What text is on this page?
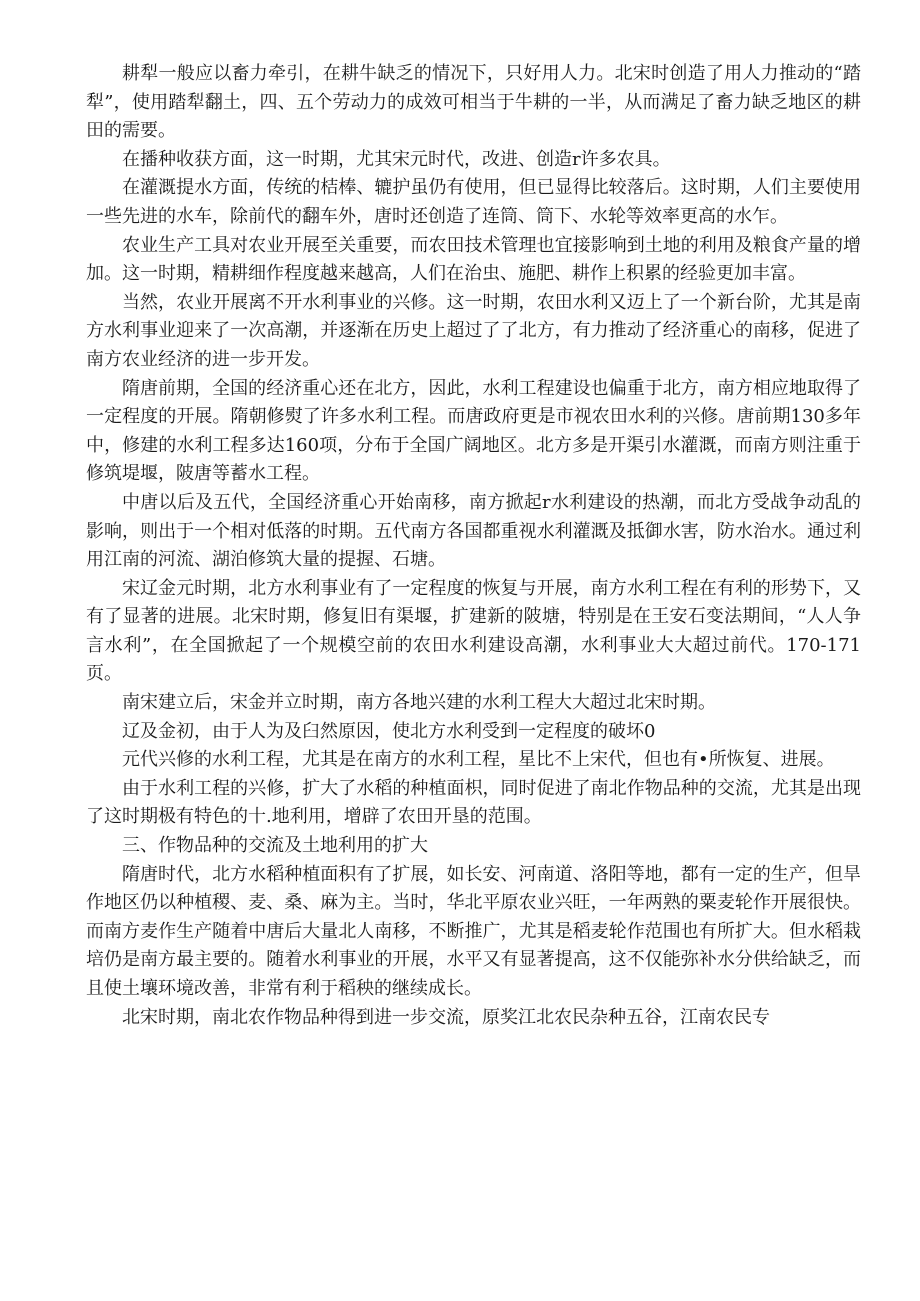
耕犁一般应以畜力牵引，在耕牛缺乏的情况下，只好用人力。北宋时创造了用人力推动的“踏犁”，使用踏犁翻土，四、五个劳动力的成效可相当于牛耕的一半，从而满足了畜力缺乏地区的耕田的需要。

在播种收获方面，这一时期，尤其宋元时代，改进、创造r许多农具。

在灌溉提水方面，传统的桔棒、辘护虽仍有使用，但已显得比较落后。这时期，人们主要使用一些先进的水车，除前代的翻车外，唐时还创造了连筒、筒下、水轮等效率更高的水乍。

农业生产工具对农业开展至关重要，而农田技术管理也宜接影响到土地的利用及粮食产量的增加。这一时期，精耕细作程度越来越高，人们在治虫、施肥、耕作上积累的经验更加丰富。

当然，农业开展离不开水利事业的兴修。这一时期，农田水利又迈上了一个新台阶，尤其是南方水利事业迎来了一次高潮，并逐渐在历史上超过了了北方，有力推动了经济重心的南移，促进了南方农业经济的进一步开发。

隋唐前期，全国的经济重心还在北方，因此，水利工程建设也偏重于北方，南方相应地取得了一定程度的开展。隋朝修熨了许多水利工程。而唐政府更是市视农田水利的兴修。唐前期130多年中，修建的水利工程多达160项，分布于全国广阔地区。北方多是开渠引水灌溉，而南方则注重于修筑堤堰，陂唐等蓄水工程。

中唐以后及五代，全国经济重心开始南移，南方掀起r水利建设的热潮，而北方受战争动乱的影响，则出于一个相对低落的时期。五代南方各国都重视水利灌溉及抵御水害，防水治水。通过利用江南的河流、湖泊修筑大量的提握、石塘。

宋辽金元时期，北方水利事业有了一定程度的恢复与开展，南方水利工程在有利的形势下，又有了显著的进展。北宋时期，修复旧有渠堰，扩建新的陂塘，特别是在王安石变法期间，“人人争言水利”，在全国掀起了一个规模空前的农田水利建设高潮，水利事业大大超过前代。170-171页。

南宋建立后，宋金并立时期，南方各地兴建的水利工程大大超过北宋时期。

辽及金初，由于人为及臼然原因，使北方水利受到一定程度的破坏0

元代兴修的水利工程，尤其是在南方的水利工程，星比不上宋代，但也有•所恢复、进展。

由于水利工程的兴修，扩大了水稻的种植面枳，同时促进了南北作物品种的交流，尤其是出现了这时期极有特色的十.地利用，增辟了农田开垦的范围。

三、作物品种的交流及土地利用的扩大

隋唐时代，北方水稻种植面积有了扩展，如长安、河南道、洛阳等地，都有一定的生产，但旱作地区仍以种植稷、麦、桑、麻为主。当时，华北平原农业兴旺，一年两熟的粟麦轮作开展很快。而南方麦作生产随着中唐后大量北人南移，不断推广，尤其是稻麦轮作范围也有所扩大。但水稻栽培仍是南方最主要的。随着水利事业的开展，水平又有显著提高，这不仅能弥补水分供给缺乏，而且使土壤环境改善，非常有利于稻秧的继续成长。

北宋时期，南北农作物品种得到进一步交流，原奖江北农民杂种五谷，江南农民专
